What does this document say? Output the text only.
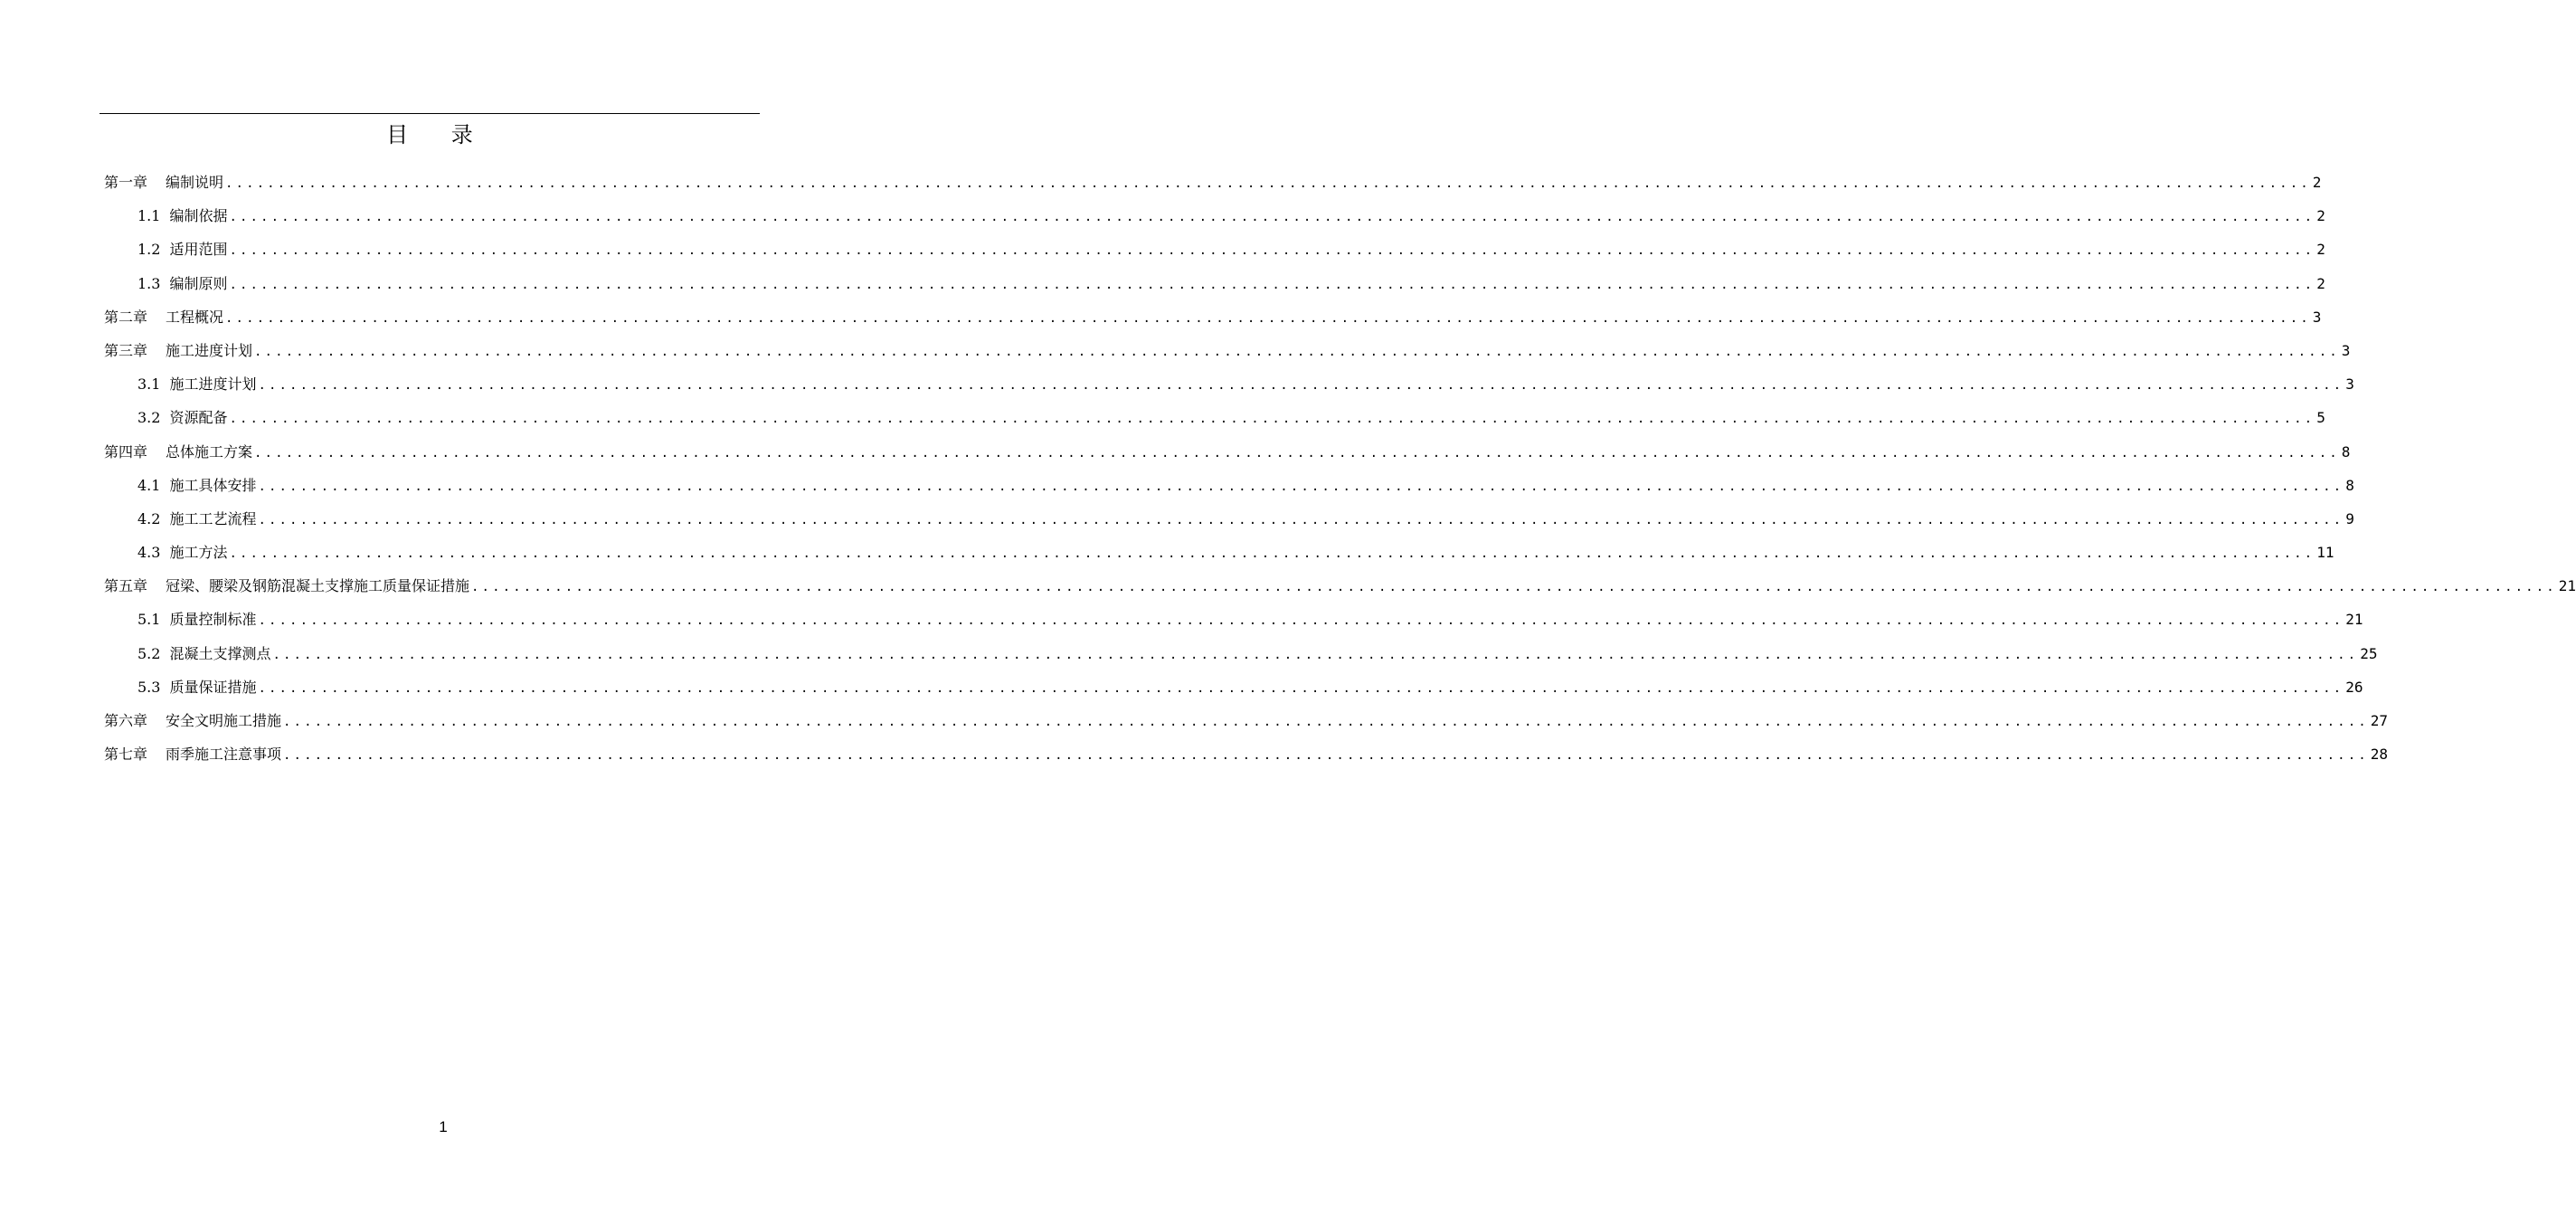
目 录
第一章	编制说明 ........................................................................................................................................................................................................ 2
1.1 编制依据 ........................................................................................................................................................................................................ 2
1.2 适用范围 ........................................................................................................................................................................................................ 2
1.3 编制原则 ........................................................................................................................................................................................................ 2
第二章	工程概况 ........................................................................................................................................................................................................ 3
第三章	施工进度计划 ........................................................................................................................................................................................................ 3
3.1 施工进度计划 ........................................................................................................................................................................................................ 3
3.2 资源配备 ........................................................................................................................................................................................................ 5
第四章	总体施工方案 ........................................................................................................................................................................................................ 8
4.1 施工具体安排 ........................................................................................................................................................................................................ 8
4.2 施工工艺流程 ........................................................................................................................................................................................................ 9
4.3 施工方法 ........................................................................................................................................................................................................ 11
第五章	冠梁、腰梁及钢筋混凝土支撑施工质量保证措施 ........................................................................................................................................................................................................ 21
5.1 质量控制标准 ........................................................................................................................................................................................................ 21
5.2 混凝土支撑测点 ........................................................................................................................................................................................................ 25
5.3 质量保证措施 ........................................................................................................................................................................................................ 26
第六章	安全文明施工措施 ........................................................................................................................................................................................................ 27
第七章	雨季施工注意事项 ........................................................................................................................................................................................................ 28
1
